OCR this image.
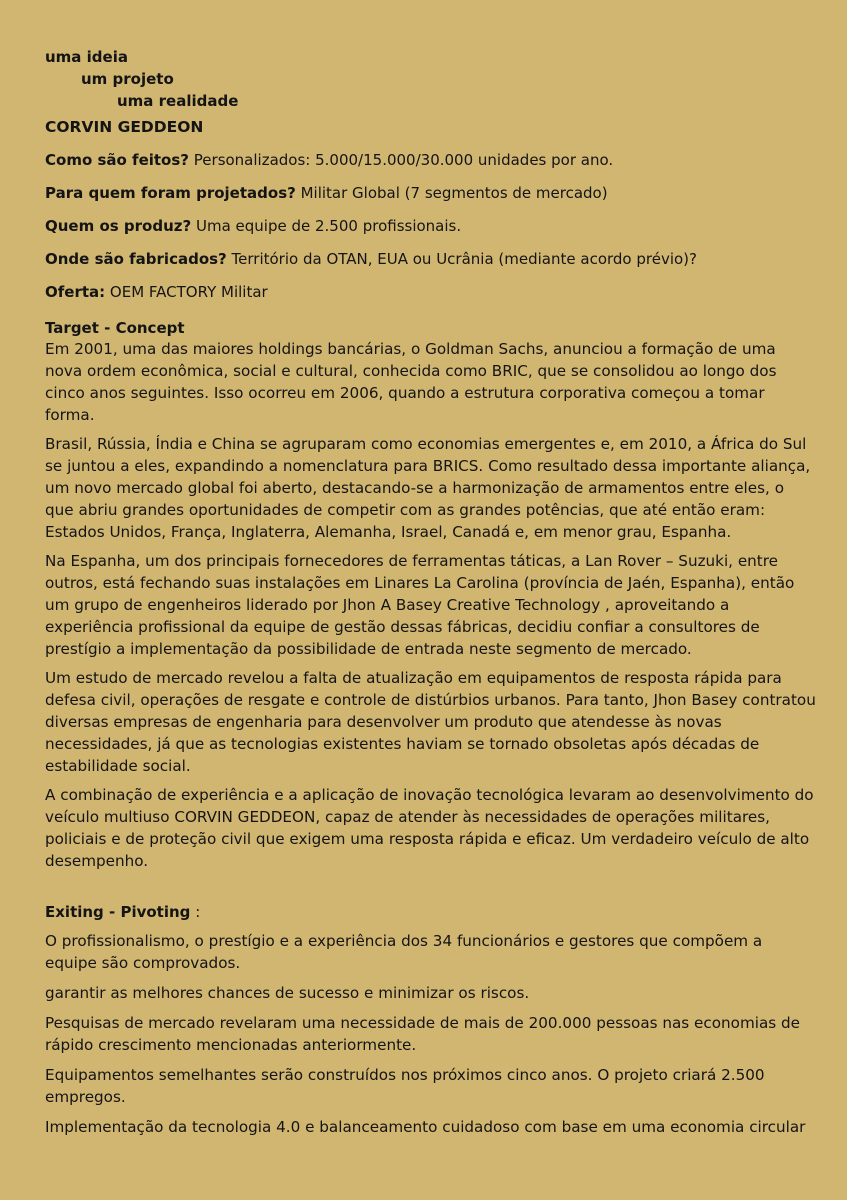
uma ideia
um projeto
uma realidade
CORVIN GEDDEON
Como são feitos? Personalizados: 5.000/15.000/30.000 unidades por ano.
Para quem foram projetados? Militar Global (7 segmentos de mercado)
Quem os produz? Uma equipe de 2.500 profissionais.
Onde são fabricados? Território da OTAN, EUA ou Ucrânia (mediante acordo prévio)?
Oferta: OEM FACTORY Militar
Target - Concept

Em 2001, uma das maiores holdings bancárias, o Goldman Sachs, anunciou a formação de uma nova ordem econômica, social e cultural, conhecida como BRIC, que se consolidou ao longo dos cinco anos seguintes. Isso ocorreu em 2006, quando a estrutura corporativa começou a tomar forma.

Brasil, Rússia, Índia e China se agruparam como economias emergentes e, em 2010, a África do Sul se juntou a eles, expandindo a nomenclatura para BRICS. Como resultado dessa importante aliança, um novo mercado global foi aberto, destacando-se a harmonização de armamentos entre eles, o que abriu grandes oportunidades de competir com as grandes potências, que até então eram: Estados Unidos, França, Inglaterra, Alemanha, Israel, Canadá e, em menor grau, Espanha.

Na Espanha, um dos principais fornecedores de ferramentas táticas, a Lan Rover – Suzuki, entre outros, está fechando suas instalações em Linares La Carolina (província de Jaén, Espanha), então um grupo de engenheiros liderado por Jhon A Basey Creative Technology , aproveitando a experiência profissional da equipe de gestão dessas fábricas, decidiu confiar a consultores de prestígio a implementação da possibilidade de entrada neste segmento de mercado.

Um estudo de mercado revelou a falta de atualização em equipamentos de resposta rápida para defesa civil, operações de resgate e controle de distúrbios urbanos. Para tanto, Jhon Basey contratou diversas empresas de engenharia para desenvolver um produto que atendesse às novas necessidades, já que as tecnologias existentes haviam se tornado obsoletas após décadas de estabilidade social.

A combinação de experiência e a aplicação de inovação tecnológica levaram ao desenvolvimento do veículo multiuso CORVIN GEDDEON, capaz de atender às necessidades de operações militares, policiais e de proteção civil que exigem uma resposta rápida e eficaz. Um verdadeiro veículo de alto desempenho.

Exiting - Pivoting :

O profissionalismo, o prestígio e a experiência dos 34 funcionários e gestores que compõem a equipe são comprovados.

garantir as melhores chances de sucesso e minimizar os riscos.

Pesquisas de mercado revelaram uma necessidade de mais de 200.000 pessoas nas economias de rápido crescimento mencionadas anteriormente.

Equipamentos semelhantes serão construídos nos próximos cinco anos. O projeto criará 2.500 empregos.

Implementação da tecnologia 4.0 e balanceamento cuidadoso com base em uma economia circular
